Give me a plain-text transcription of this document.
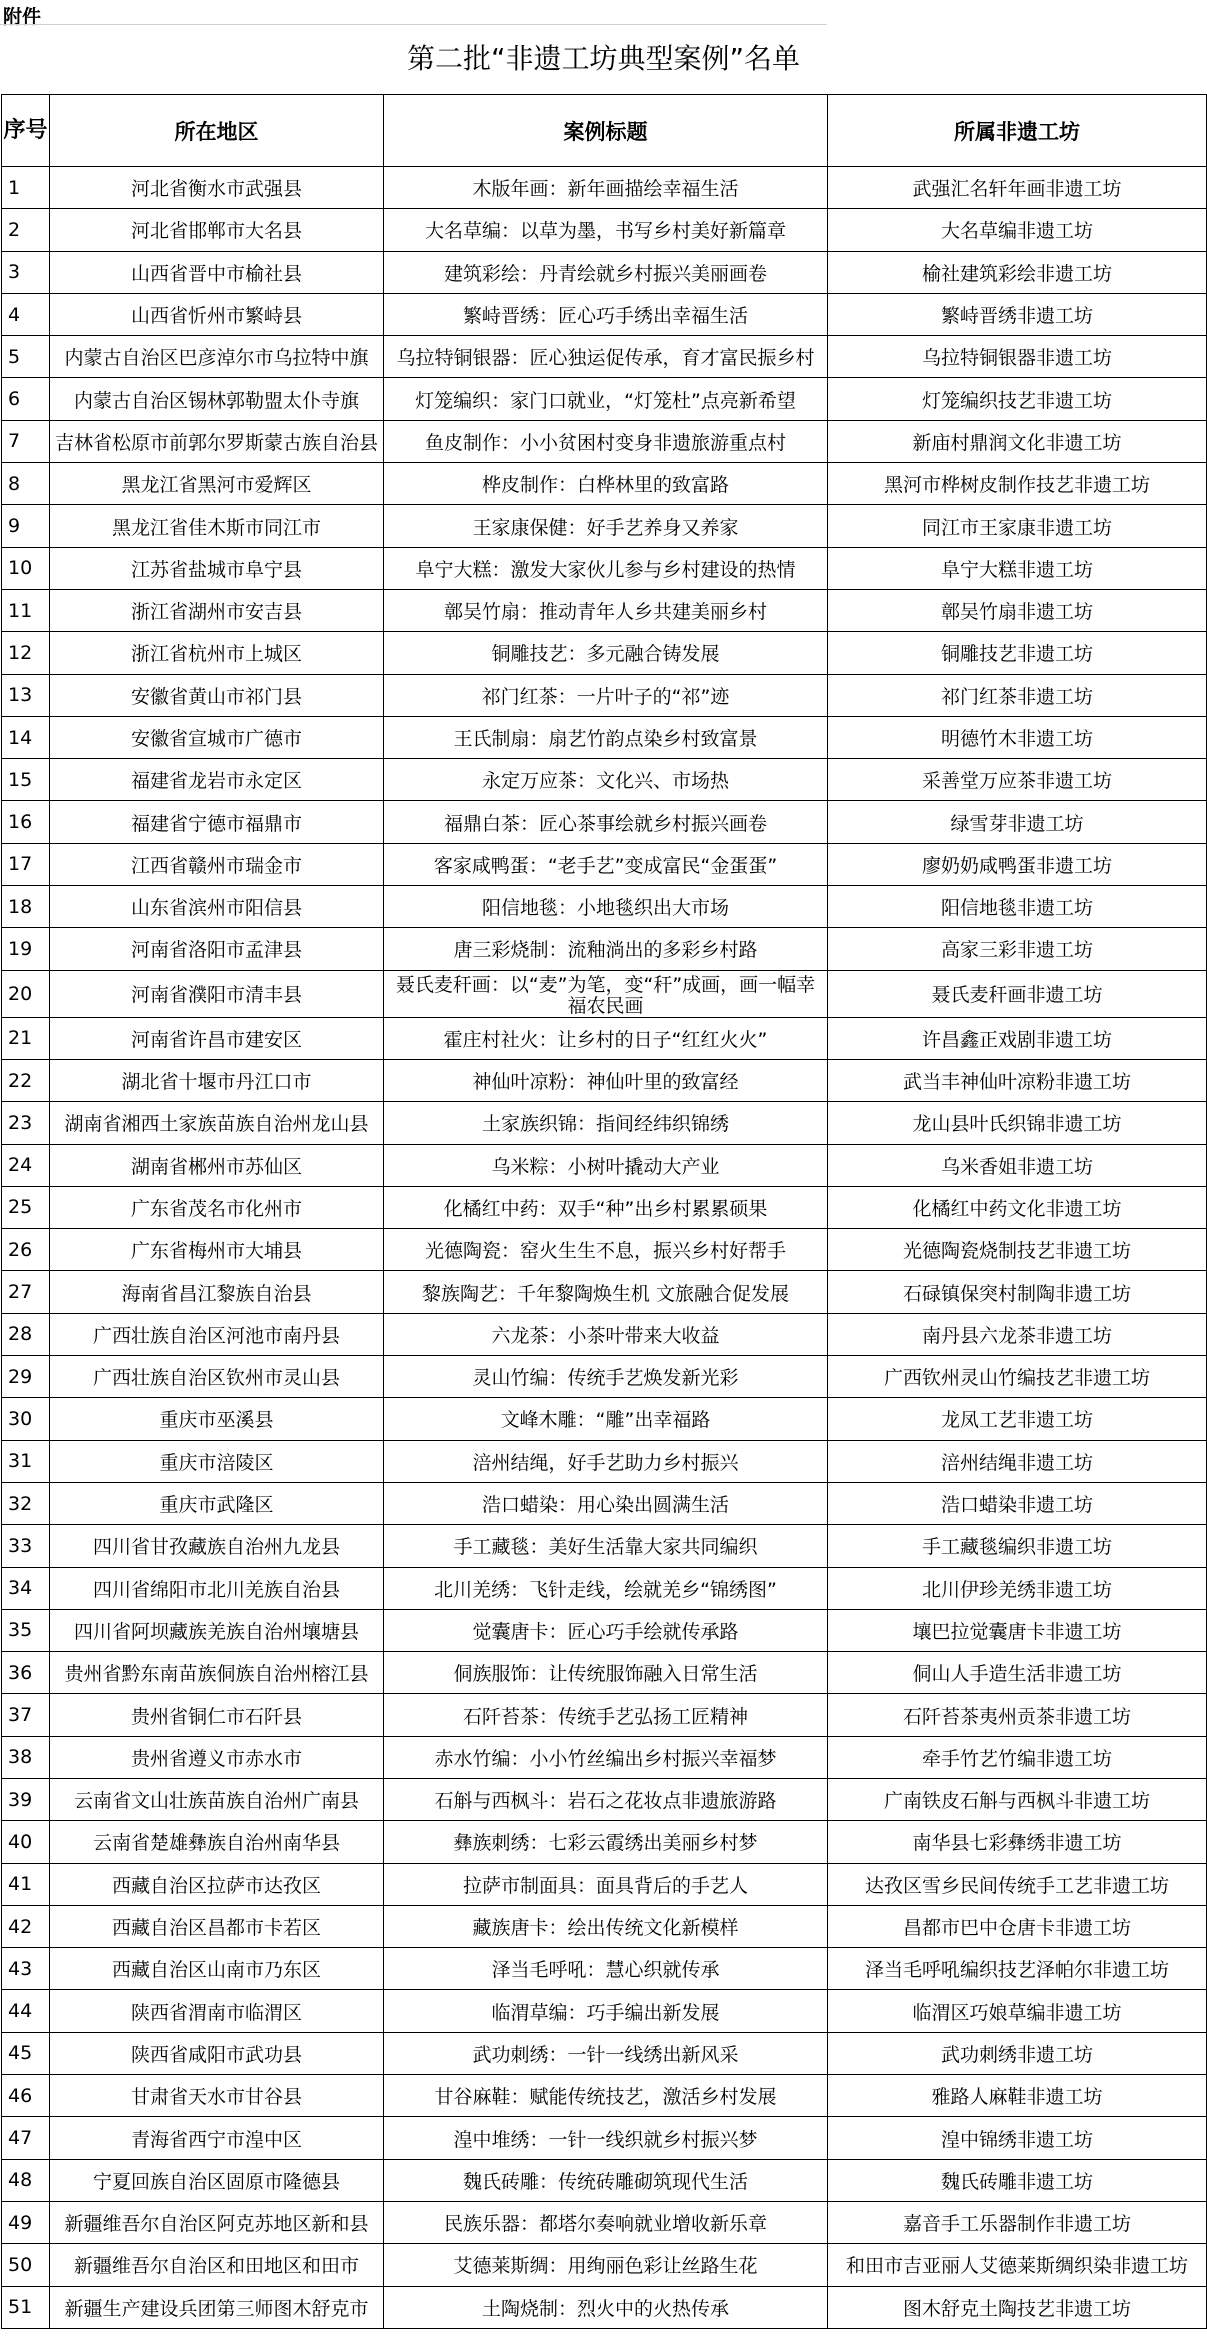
附件
第二批“非遗工坊典型案例”名单
序号	所在地区	案例标题	所属非遗工坊
1	河北省衡水市武强县	木版年画：新年画描绘幸福生活	武强汇名轩年画非遗工坊
2	河北省邯郸市大名县	大名草编：以草为墨，书写乡村美好新篇章	大名草编非遗工坊
3	山西省晋中市榆社县	建筑彩绘：丹青绘就乡村振兴美丽画卷	榆社建筑彩绘非遗工坊
4	山西省忻州市繁峙县	繁峙晋绣：匠心巧手绣出幸福生活	繁峙晋绣非遗工坊
5	内蒙古自治区巴彦淖尔市乌拉特中旗	乌拉特铜银器：匠心独运促传承，育才富民振乡村	乌拉特铜银器非遗工坊
6	内蒙古自治区锡林郭勒盟太仆寺旗	灯笼编织：家门口就业，“灯笼杜”点亮新希望	灯笼编织技艺非遗工坊
7	吉林省松原市前郭尔罗斯蒙古族自治县	鱼皮制作：小小贫困村变身非遗旅游重点村	新庙村鼎润文化非遗工坊
8	黑龙江省黑河市爱辉区	桦皮制作：白桦林里的致富路	黑河市桦树皮制作技艺非遗工坊
9	黑龙江省佳木斯市同江市	王家康保健：好手艺养身又养家	同江市王家康非遗工坊
10	江苏省盐城市阜宁县	阜宁大糕：激发大家伙儿参与乡村建设的热情	阜宁大糕非遗工坊
11	浙江省湖州市安吉县	鄣吴竹扇：推动青年人乡共建美丽乡村	鄣吴竹扇非遗工坊
12	浙江省杭州市上城区	铜雕技艺：多元融合铸发展	铜雕技艺非遗工坊
13	安徽省黄山市祁门县	祁门红茶：一片叶子的“祁”迹	祁门红茶非遗工坊
14	安徽省宣城市广德市	王氏制扇：扇艺竹韵点染乡村致富景	明德竹木非遗工坊
15	福建省龙岩市永定区	永定万应茶：文化兴、市场热	采善堂万应茶非遗工坊
16	福建省宁德市福鼎市	福鼎白茶：匠心茶事绘就乡村振兴画卷	绿雪芽非遗工坊
17	江西省赣州市瑞金市	客家咸鸭蛋：“老手艺”变成富民“金蛋蛋”	廖奶奶咸鸭蛋非遗工坊
18	山东省滨州市阳信县	阳信地毯：小地毯织出大市场	阳信地毯非遗工坊
19	河南省洛阳市孟津县	唐三彩烧制：流釉淌出的多彩乡村路	高家三彩非遗工坊
20	河南省濮阳市清丰县	聂氏麦秆画：以“麦”为笔，变“秆”成画，画一幅幸福农民画	聂氏麦秆画非遗工坊
21	河南省许昌市建安区	霍庄村社火：让乡村的日子“红红火火”	许昌鑫正戏剧非遗工坊
22	湖北省十堰市丹江口市	神仙叶凉粉：神仙叶里的致富经	武当丰神仙叶凉粉非遗工坊
23	湖南省湘西土家族苗族自治州龙山县	土家族织锦：指间经纬织锦绣	龙山县叶氏织锦非遗工坊
24	湖南省郴州市苏仙区	乌米粽：小树叶撬动大产业	乌米香姐非遗工坊
25	广东省茂名市化州市	化橘红中药：双手“种”出乡村累累硕果	化橘红中药文化非遗工坊
26	广东省梅州市大埔县	光德陶瓷：窑火生生不息，振兴乡村好帮手	光德陶瓷烧制技艺非遗工坊
27	海南省昌江黎族自治县	黎族陶艺：千年黎陶焕生机 文旅融合促发展	石碌镇保突村制陶非遗工坊
28	广西壮族自治区河池市南丹县	六龙茶：小茶叶带来大收益	南丹县六龙茶非遗工坊
29	广西壮族自治区钦州市灵山县	灵山竹编：传统手艺焕发新光彩	广西钦州灵山竹编技艺非遗工坊
30	重庆市巫溪县	文峰木雕：“雕”出幸福路	龙凤工艺非遗工坊
31	重庆市涪陵区	涪州结绳，好手艺助力乡村振兴	涪州结绳非遗工坊
32	重庆市武隆区	浩口蜡染：用心染出圆满生活	浩口蜡染非遗工坊
33	四川省甘孜藏族自治州九龙县	手工藏毯：美好生活靠大家共同编织	手工藏毯编织非遗工坊
34	四川省绵阳市北川羌族自治县	北川羌绣：飞针走线，绘就羌乡“锦绣图”	北川伊珍羌绣非遗工坊
35	四川省阿坝藏族羌族自治州壤塘县	觉囊唐卡：匠心巧手绘就传承路	壤巴拉觉囊唐卡非遗工坊
36	贵州省黔东南苗族侗族自治州榕江县	侗族服饰：让传统服饰融入日常生活	侗山人手造生活非遗工坊
37	贵州省铜仁市石阡县	石阡苔茶：传统手艺弘扬工匠精神	石阡苔茶夷州贡茶非遗工坊
38	贵州省遵义市赤水市	赤水竹编：小小竹丝编出乡村振兴幸福梦	牵手竹艺竹编非遗工坊
39	云南省文山壮族苗族自治州广南县	石斛与西枫斗：岩石之花妆点非遗旅游路	广南铁皮石斛与西枫斗非遗工坊
40	云南省楚雄彝族自治州南华县	彝族刺绣：七彩云霞绣出美丽乡村梦	南华县七彩彝绣非遗工坊
41	西藏自治区拉萨市达孜区	拉萨市制面具：面具背后的手艺人	达孜区雪乡民间传统手工艺非遗工坊
42	西藏自治区昌都市卡若区	藏族唐卡：绘出传统文化新模样	昌都市巴中仓唐卡非遗工坊
43	西藏自治区山南市乃东区	泽当毛呼吼：慧心织就传承	泽当毛呼吼编织技艺泽帕尔非遗工坊
44	陕西省渭南市临渭区	临渭草编：巧手编出新发展	临渭区巧娘草编非遗工坊
45	陕西省咸阳市武功县	武功刺绣：一针一线绣出新风采	武功刺绣非遗工坊
46	甘肃省天水市甘谷县	甘谷麻鞋：赋能传统技艺，激活乡村发展	雅路人麻鞋非遗工坊
47	青海省西宁市湟中区	湟中堆绣：一针一线织就乡村振兴梦	湟中锦绣非遗工坊
48	宁夏回族自治区固原市隆德县	魏氏砖雕：传统砖雕砌筑现代生活	魏氏砖雕非遗工坊
49	新疆维吾尔自治区阿克苏地区新和县	民族乐器：都塔尔奏响就业增收新乐章	嘉音手工乐器制作非遗工坊
50	新疆维吾尔自治区和田地区和田市	艾德莱斯绸：用绚丽色彩让丝路生花	和田市吉亚丽人艾德莱斯绸织染非遗工坊
51	新疆生产建设兵团第三师图木舒克市	土陶烧制：烈火中的火热传承	图木舒克土陶技艺非遗工坊
